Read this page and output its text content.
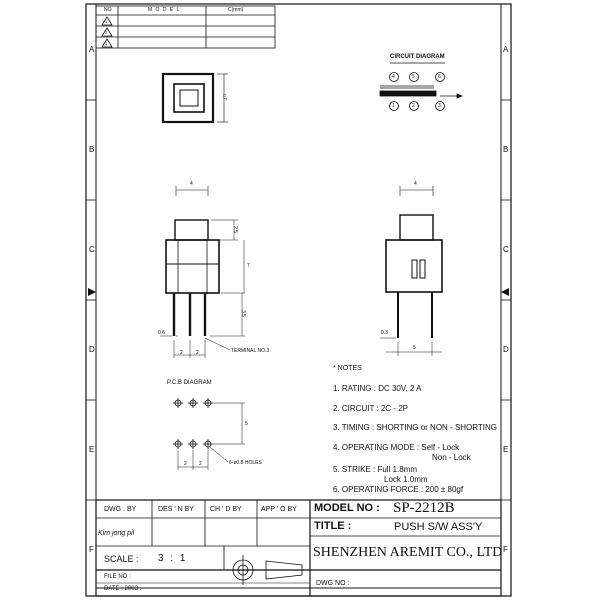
NO	M O D E L	C(mm)
1
2
3
A
B
C
D
E
F
A
B
C
D
E
F
CIRCUIT DIAGRAM
4	5	6
1	2	3
□7
4
2.5
7
3.5
0.6
2	2	TERMINAL NO.3
4
0.3
5
P.C.B DIAGRAM
5
2 2	6-ø0.8 HOLES
* NOTES
1. RATING : DC 30V, 2 A
2. CIRCUIT : 2C - 2P
3. TIMING : SHORTING or NON - SHORTING
4. OPERATING MODE : Self - Lock
Non - Lock
5. STRIKE : Full 1.8mm
Lock 1.0mm
6. OPERATING FORCE : 200 ± 80gf
DWG . BY	DES ' N BY CH ' D BY	APP ' O BY
Kim jong pil
MODEL NO : SP-2212B
TITLE :	PUSH S/W ASS'Y
SCALE : 3 : 1
FILE NO :
DATE : 2003 .
SHENZHEN AREMIT CO., LTD
DWG NO :
